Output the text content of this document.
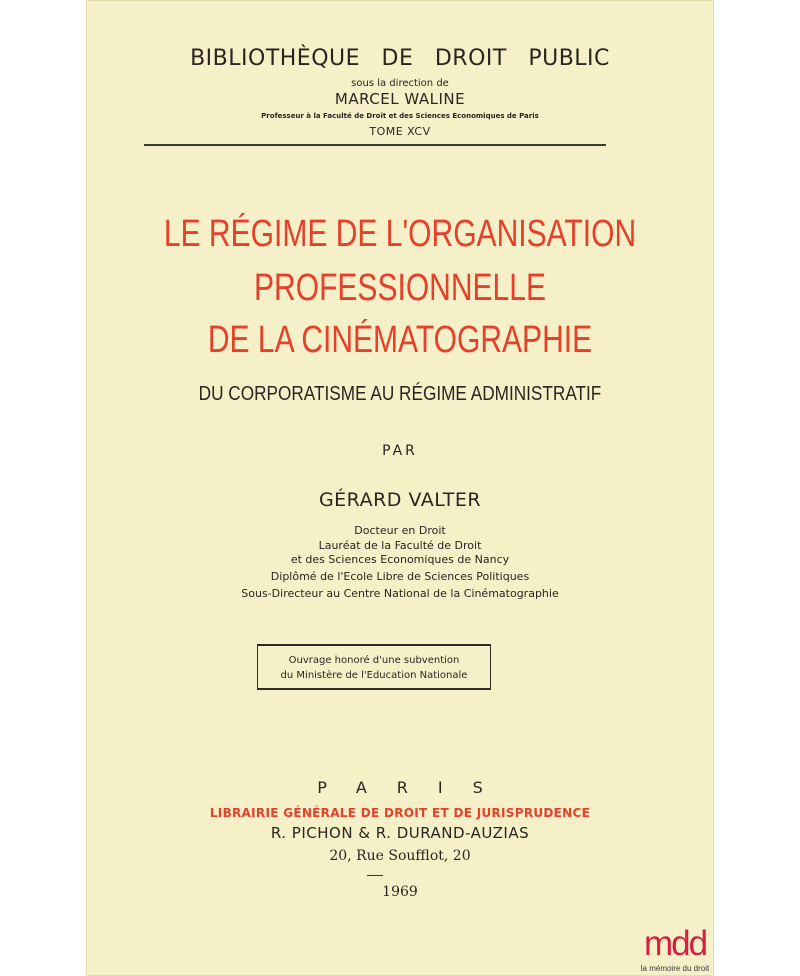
BIBLIOTHÈQUE DE DROIT PUBLIC
sous la direction de
MARCEL WALINE
Professeur à la Faculté de Droit et des Sciences Economiques de Paris
TOME XCV
LE RÉGIME DE L'ORGANISATION
PROFESSIONNELLE
DE LA CINÉMATOGRAPHIE
DU CORPORATISME AU RÉGIME ADMINISTRATIF
PAR
GÉRARD VALTER
Docteur en Droit
Lauréat de la Faculté de Droit
et des Sciences Economiques de Nancy
Diplômé de l'Ecole Libre de Sciences Politiques
Sous-Directeur au Centre National de la Cinématographie
Ouvrage honoré d'une subvention
du Ministère de l'Education Nationale
PARIS
LIBRAIRIE GÉNÉRALE DE DROIT ET DE JURISPRUDENCE
R. PICHON & R. DURAND-AUZIAS
20, Rue Soufflot, 20
1969
mdd
la mémoire du droit
